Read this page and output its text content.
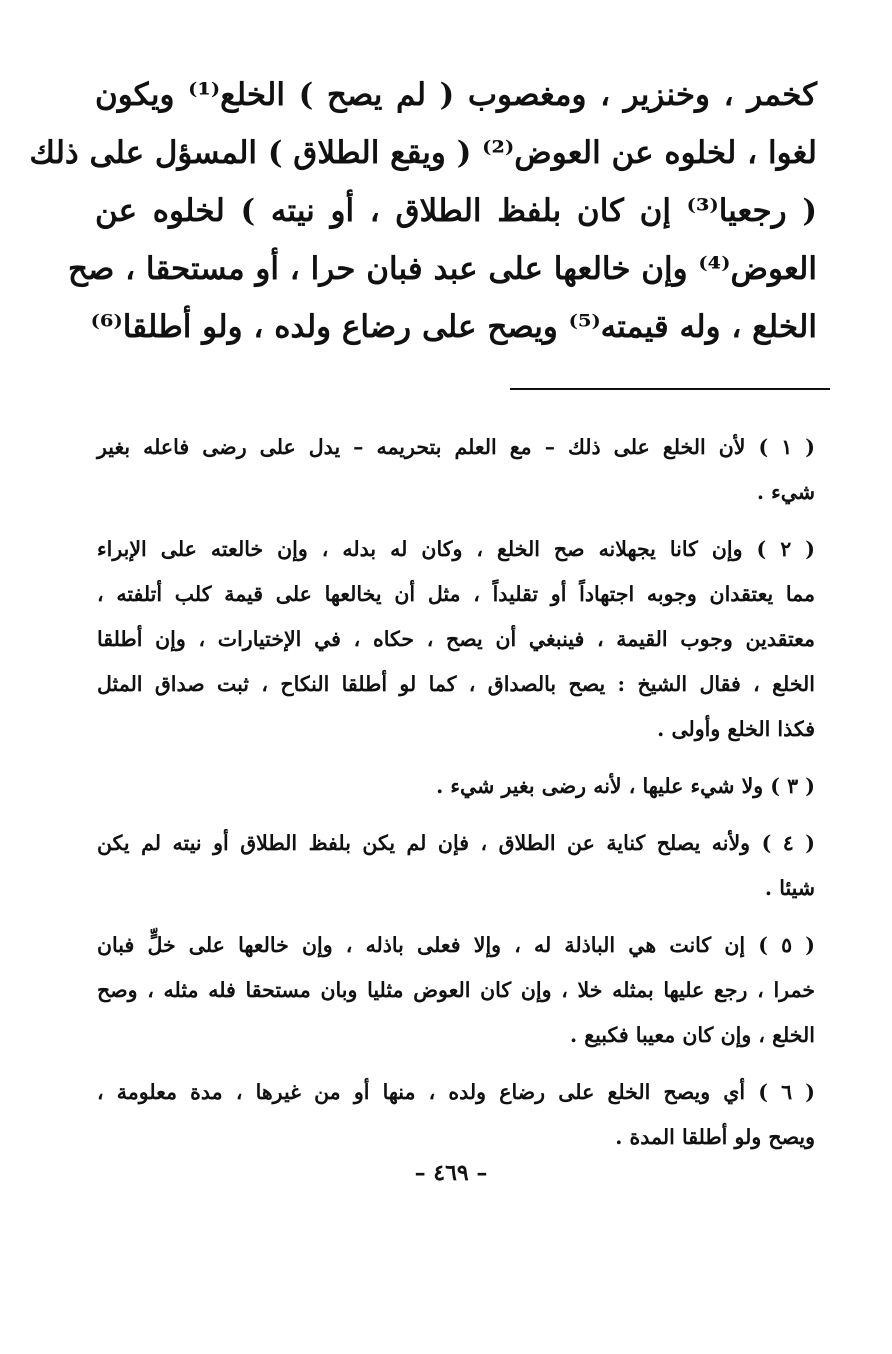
كخمر ، وخنزير ، ومغصوب ( لم يصح ) الخلع⁽¹⁾ ويكون
لغوا ، لخلوه عن العوض⁽²⁾ ( ويقع الطلاق ) المسؤل على ذلك
( رجعيا⁽³⁾ إن كان بلفظ الطلاق ، أو نيته ) لخلوه عن
العوض⁽⁴⁾ وإن خالعها على عبد فبان حرا ، أو مستحقا ، صح
الخلع ، وله قيمته⁽⁵⁾ ويصح على رضاع ولده ، ولو أطلقا⁽⁶⁾
( ١ ) لأن الخلع على ذلك – مع العلم بتحريمه – يدل على رضى فاعله بغير
شيء .
( ٢ ) وإن كانا يجهلانه صح الخلع ، وكان له بدله ، وإن خالعته على الإبراء
مما يعتقدان وجوبه اجتهاداً أو تقليداً ، مثل أن يخالعها على قيمة كلب أتلفته ،
معتقدين وجوب القيمة ، فينبغي أن يصح ، حكاه ، في الإختيارات ، وإن أطلقا
الخلع ، فقال الشيخ : يصح بالصداق ، كما لو أطلقا النكاح ، ثبت صداق المثل
فكذا الخلع وأولى .
( ٣ ) ولا شيء عليها ، لأنه رضى بغير شيء .
( ٤ ) ولأنه يصلح كناية عن الطلاق ، فإن لم يكن بلفظ الطلاق أو نيته لم يكن
شيئا .
( ٥ ) إن كانت هي الباذلة له ، وإلا فعلى باذله ، وإن خالعها على خلٍّ فبان
خمرا ، رجع عليها بمثله خلا ، وإن كان العوض مثليا وبان مستحقا فله مثله ، وصح
الخلع ، وإن كان معيبا فكبيع .
( ٦ ) أي ويصح الخلع على رضاع ولده ، منها أو من غيرها ، مدة معلومة ،
ويصح ولو أطلقا المدة .
– ٤٦٩ –
